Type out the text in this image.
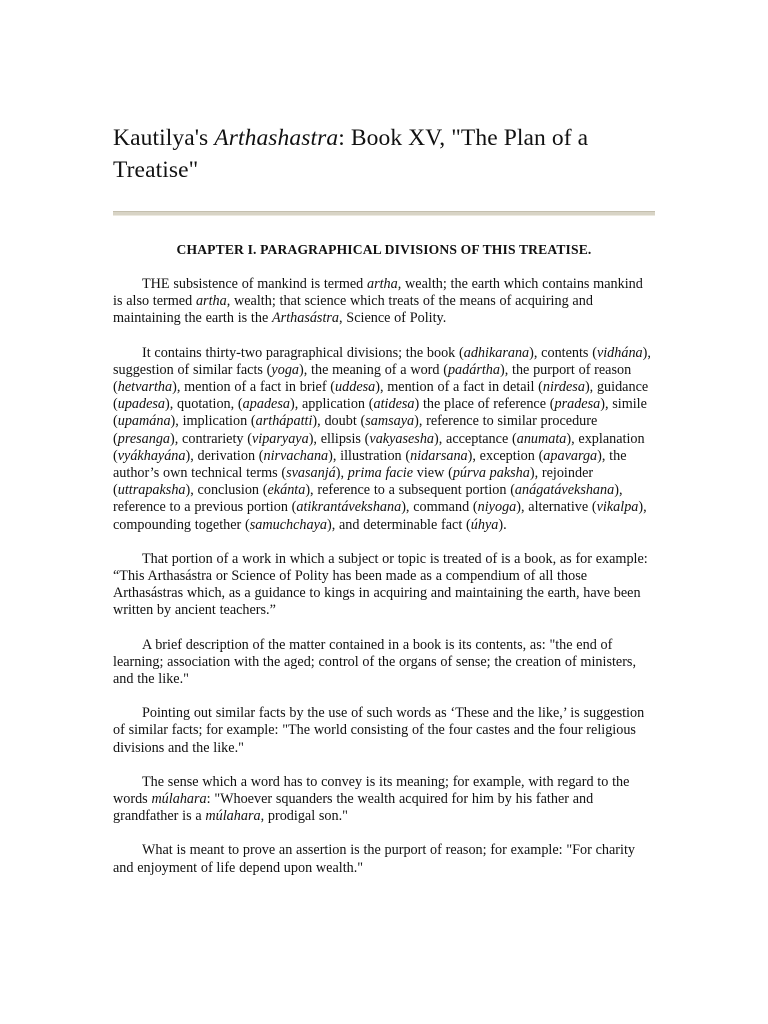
Kautilya's Arthashastra: Book XV, "The Plan of a Treatise"
CHAPTER I. PARAGRAPHICAL DIVISIONS OF THIS TREATISE.

THE subsistence of mankind is termed artha, wealth; the earth which contains mankind is also termed artha, wealth; that science which treats of the means of acquiring and maintaining the earth is the Arthasástra, Science of Polity.

It contains thirty-two paragraphical divisions; the book (adhikarana), contents (vidhána), suggestion of similar facts (yoga), the meaning of a word (padártha), the purport of reason (hetvartha), mention of a fact in brief (uddesa), mention of a fact in detail (nirdesa), guidance (upadesa), quotation, (apadesa), application (atidesa) the place of reference (pradesa), simile (upamána), implication (arthápatti), doubt (samsaya), reference to similar procedure (presanga), contrariety (viparyaya), ellipsis (vakyasesha), acceptance (anumata), explanation (vyákhayána), derivation (nirvachana), illustration (nidarsana), exception (apavarga), the author’s own technical terms (svasanjá), prima facie view (púrva paksha), rejoinder (uttrapaksha), conclusion (ekánta), reference to a subsequent portion (anágatávekshana), reference to a previous portion (atikrantávekshana), command (niyoga), alternative (vikalpa), compounding together (samuchchaya), and determinable fact (úhya).

That portion of a work in which a subject or topic is treated of is a book, as for example: “This Arthasástra or Science of Polity has been made as a compendium of all those Arthasástras which, as a guidance to kings in acquiring and maintaining the earth, have been written by ancient teachers.”

A brief description of the matter contained in a book is its contents, as: "the end of learning; association with the aged; control of the organs of sense; the creation of ministers, and the like."

Pointing out similar facts by the use of such words as ‘These and the like,’ is suggestion of similar facts; for example: "The world consisting of the four castes and the four religious divisions and the like."

The sense which a word has to convey is its meaning; for example, with regard to the words múlahara: "Whoever squanders the wealth acquired for him by his father and grandfather is a múlahara, prodigal son."

What is meant to prove an assertion is the purport of reason; for example: "For charity and enjoyment of life depend upon wealth."
